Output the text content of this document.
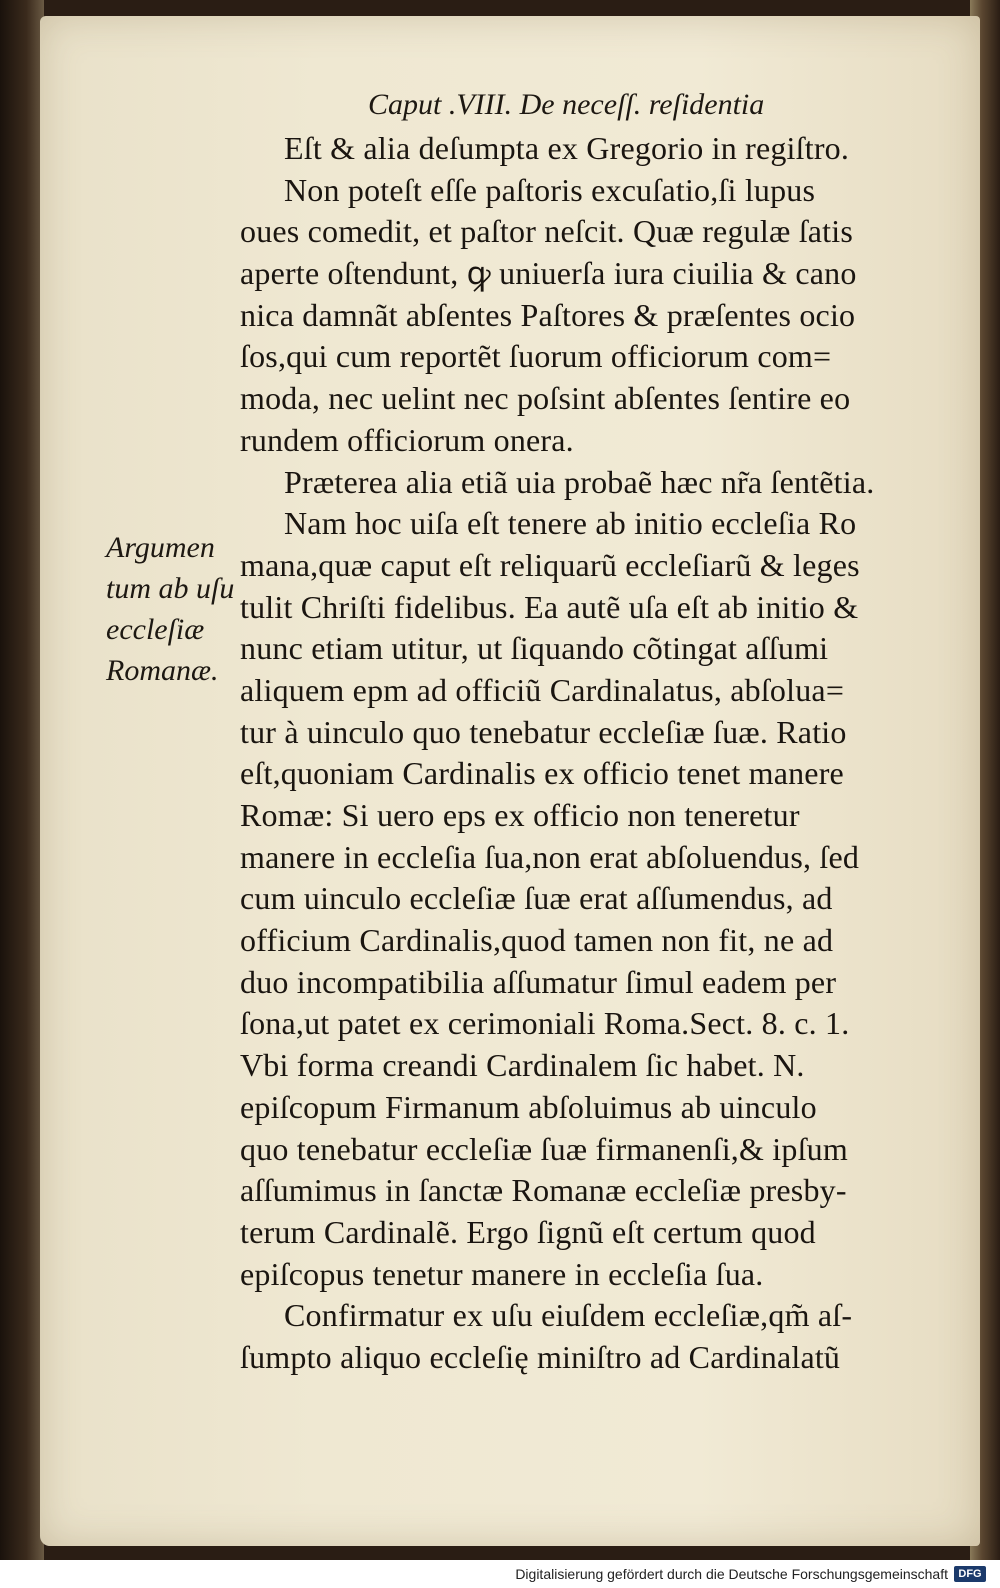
Caput .VIII. De neceſſ. reſidentia
Argumen
tum ab uſu
eccleſiæ
Romanæ.
Eſt & alia deſumpta ex Gregorio in regiſtro.
Non poteſt eſſe paſtoris excuſatio,ſi lupus
oues comedit, et paſtor neſcit. Quæ regulæ ſatis
aperte oſtendunt, ꝙ uniuerſa iura ciuilia & cano
nica damnãt abſentes Paſtores & præſentes ocio
ſos,qui cum reportẽt ſuorum officiorum com=
moda, nec uelint nec poſsint abſentes ſentire eo
rundem officiorum onera.
Præterea alia etiã uia probaẽ hæc nr̃a ſentẽtia.
Nam hoc uiſa eſt tenere ab initio eccleſia Ro
mana,quæ caput eſt reliquarũ eccleſiarũ & leges
tulit Chriſti fidelibus. Ea autẽ uſa eſt ab initio &
nunc etiam utitur, ut ſiquando cõtingat aſſumi
aliquem epm ad officiũ Cardinalatus, abſolua=
tur à uinculo quo tenebatur eccleſiæ ſuæ. Ratio
eſt,quoniam Cardinalis ex officio tenet manere
Romæ: Si uero eps ex officio non teneretur
manere in eccleſia ſua,non erat abſoluendus, ſed
cum uinculo eccleſiæ ſuæ erat aſſumendus, ad
officium Cardinalis,quod tamen non fit, ne ad
duo incompatibilia aſſumatur ſimul eadem per
ſona,ut patet ex cerimoniali Roma.Sect. 8. c. 1.
Vbi forma creandi Cardinalem ſic habet. N.
epiſcopum Firmanum abſoluimus ab uinculo
quo tenebatur eccleſiæ ſuæ firmanenſi,& ipſum
aſſumimus in ſanctæ Romanæ eccleſiæ presby-
terum Cardinalẽ. Ergo ſignũ eſt certum quod
epiſcopus tenetur manere in eccleſia ſua.
Confirmatur ex uſu eiuſdem eccleſiæ,qm̃ aſ-
ſumpto aliquo eccleſię miniſtro ad Cardinalatũ
Digitalisierung gefördert durch die Deutsche Forschungsgemeinschaft DFG
